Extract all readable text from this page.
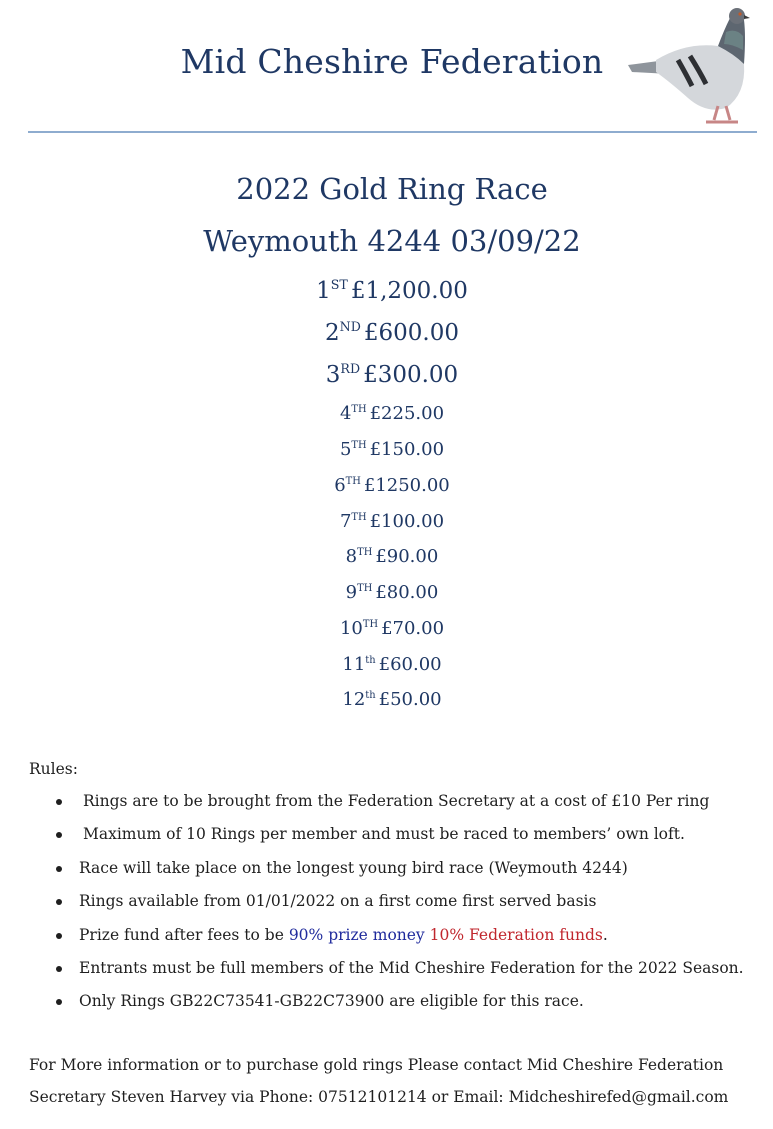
Mid Cheshire Federation
2022 Gold Ring Race
Weymouth 4244 03/09/22
1ST £1,200.00
2ND £600.00
3RD £300.00
4TH £225.00
5TH £150.00
6TH £1250.00
7TH £100.00
8TH £90.00
9TH £80.00
10TH £70.00
11th £60.00
12th £50.00
Rules:
Rings are to be brought from the Federation Secretary at a cost of £10 Per ring
Maximum of 10 Rings per member and must be raced to members’ own loft.
Race will take place on the longest young bird race (Weymouth 4244)
Rings available from 01/01/2022 on a first come first served basis
Prize fund after fees to be 90% prize money 10% Federation funds.
Entrants must be full members of the Mid Cheshire Federation for the 2022 Season.
Only Rings GB22C73541-GB22C73900 are eligible for this race.
For More information or to purchase gold rings Please contact Mid Cheshire Federation
Secretary Steven Harvey via Phone: 07512101214 or Email: Midcheshirefed@gmail.com
